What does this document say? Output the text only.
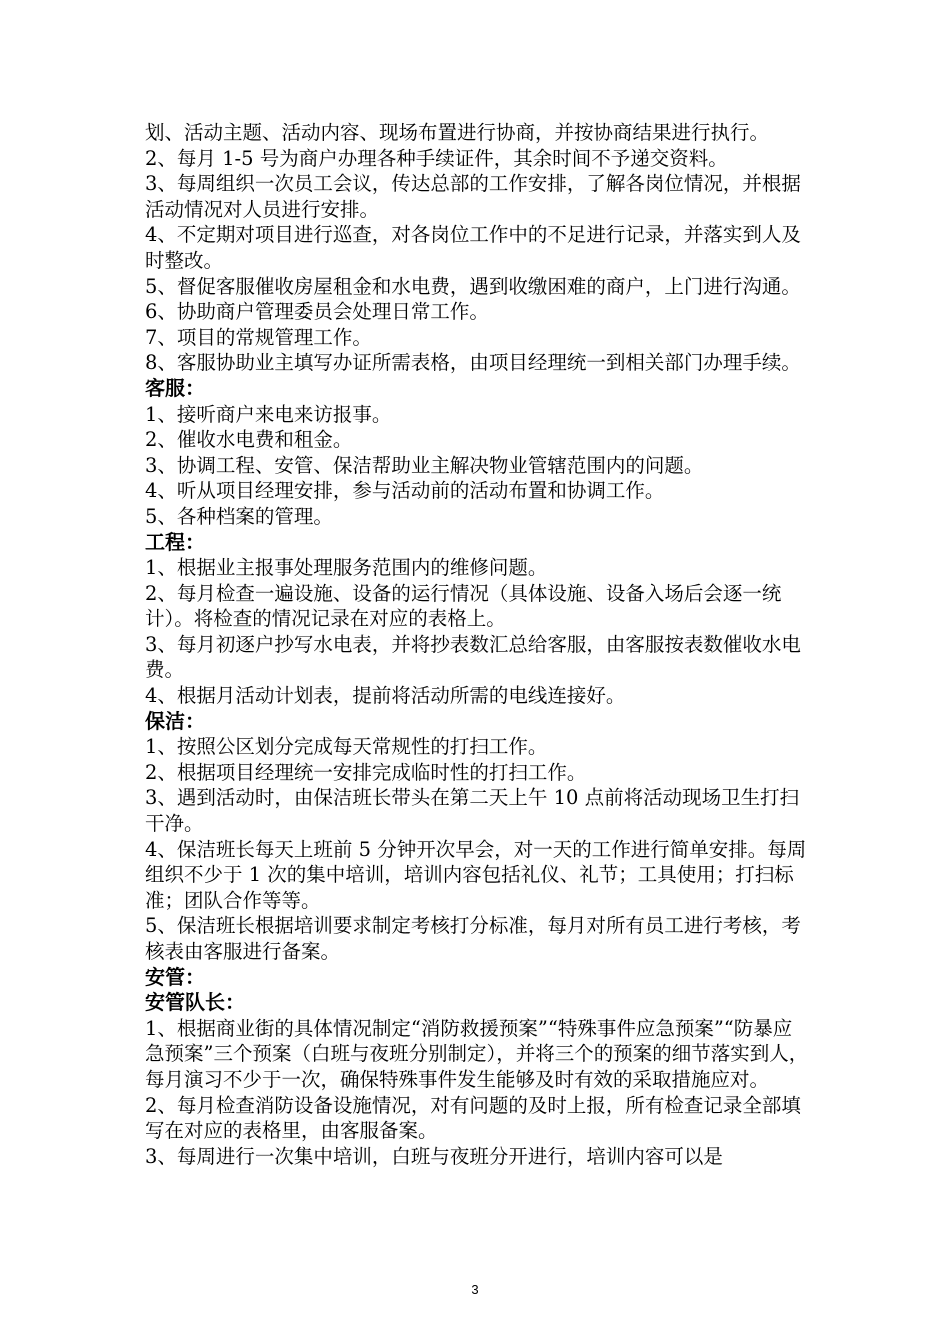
划、活动主题、活动内容、现场布置进行协商，并按协商结果进行执行。

2、每月 1-5 号为商户办理各种手续证件，其余时间不予递交资料。

3、每周组织一次员工会议，传达总部的工作安排，了解各岗位情况，并根据活动情况对人员进行安排。

4、不定期对项目进行巡查，对各岗位工作中的不足进行记录，并落实到人及时整改。

5、督促客服催收房屋租金和水电费，遇到收缴困难的商户，上门进行沟通。

6、协助商户管理委员会处理日常工作。

7、项目的常规管理工作。

8、客服协助业主填写办证所需表格，由项目经理统一到相关部门办理手续。

客服：

1、接听商户来电来访报事。

2、催收水电费和租金。

3、协调工程、安管、保洁帮助业主解决物业管辖范围内的问题。

4、听从项目经理安排，参与活动前的活动布置和协调工作。

5、各种档案的管理。

工程：

1、根据业主报事处理服务范围内的维修问题。

2、每月检查一遍设施、设备的运行情况（具体设施、设备入场后会逐一统计）。将检查的情况记录在对应的表格上。

3、每月初逐户抄写水电表，并将抄表数汇总给客服，由客服按表数催收水电费。

4、根据月活动计划表，提前将活动所需的电线连接好。

保洁：

1、按照公区划分完成每天常规性的打扫工作。

2、根据项目经理统一安排完成临时性的打扫工作。

3、遇到活动时，由保洁班长带头在第二天上午 10 点前将活动现场卫生打扫干净。

4、保洁班长每天上班前 5 分钟开次早会，对一天的工作进行简单安排。每周组织不少于 1 次的集中培训，培训内容包括礼仪、礼节；工具使用；打扫标准；团队合作等等。

5、保洁班长根据培训要求制定考核打分标准，每月对所有员工进行考核，考核表由客服进行备案。

安管：
安管队长：

1、根据商业街的具体情况制定“消防救援预案”“特殊事件应急预案”“防暴应急预案”三个预案（白班与夜班分别制定），并将三个的预案的细节落实到人，每月演习不少于一次，确保特殊事件发生能够及时有效的采取措施应对。

2、每月检查消防设备设施情况，对有问题的及时上报，所有检查记录全部填写在对应的表格里，由客服备案。

3、每周进行一次集中培训，白班与夜班分开进行，培训内容可以是

3
